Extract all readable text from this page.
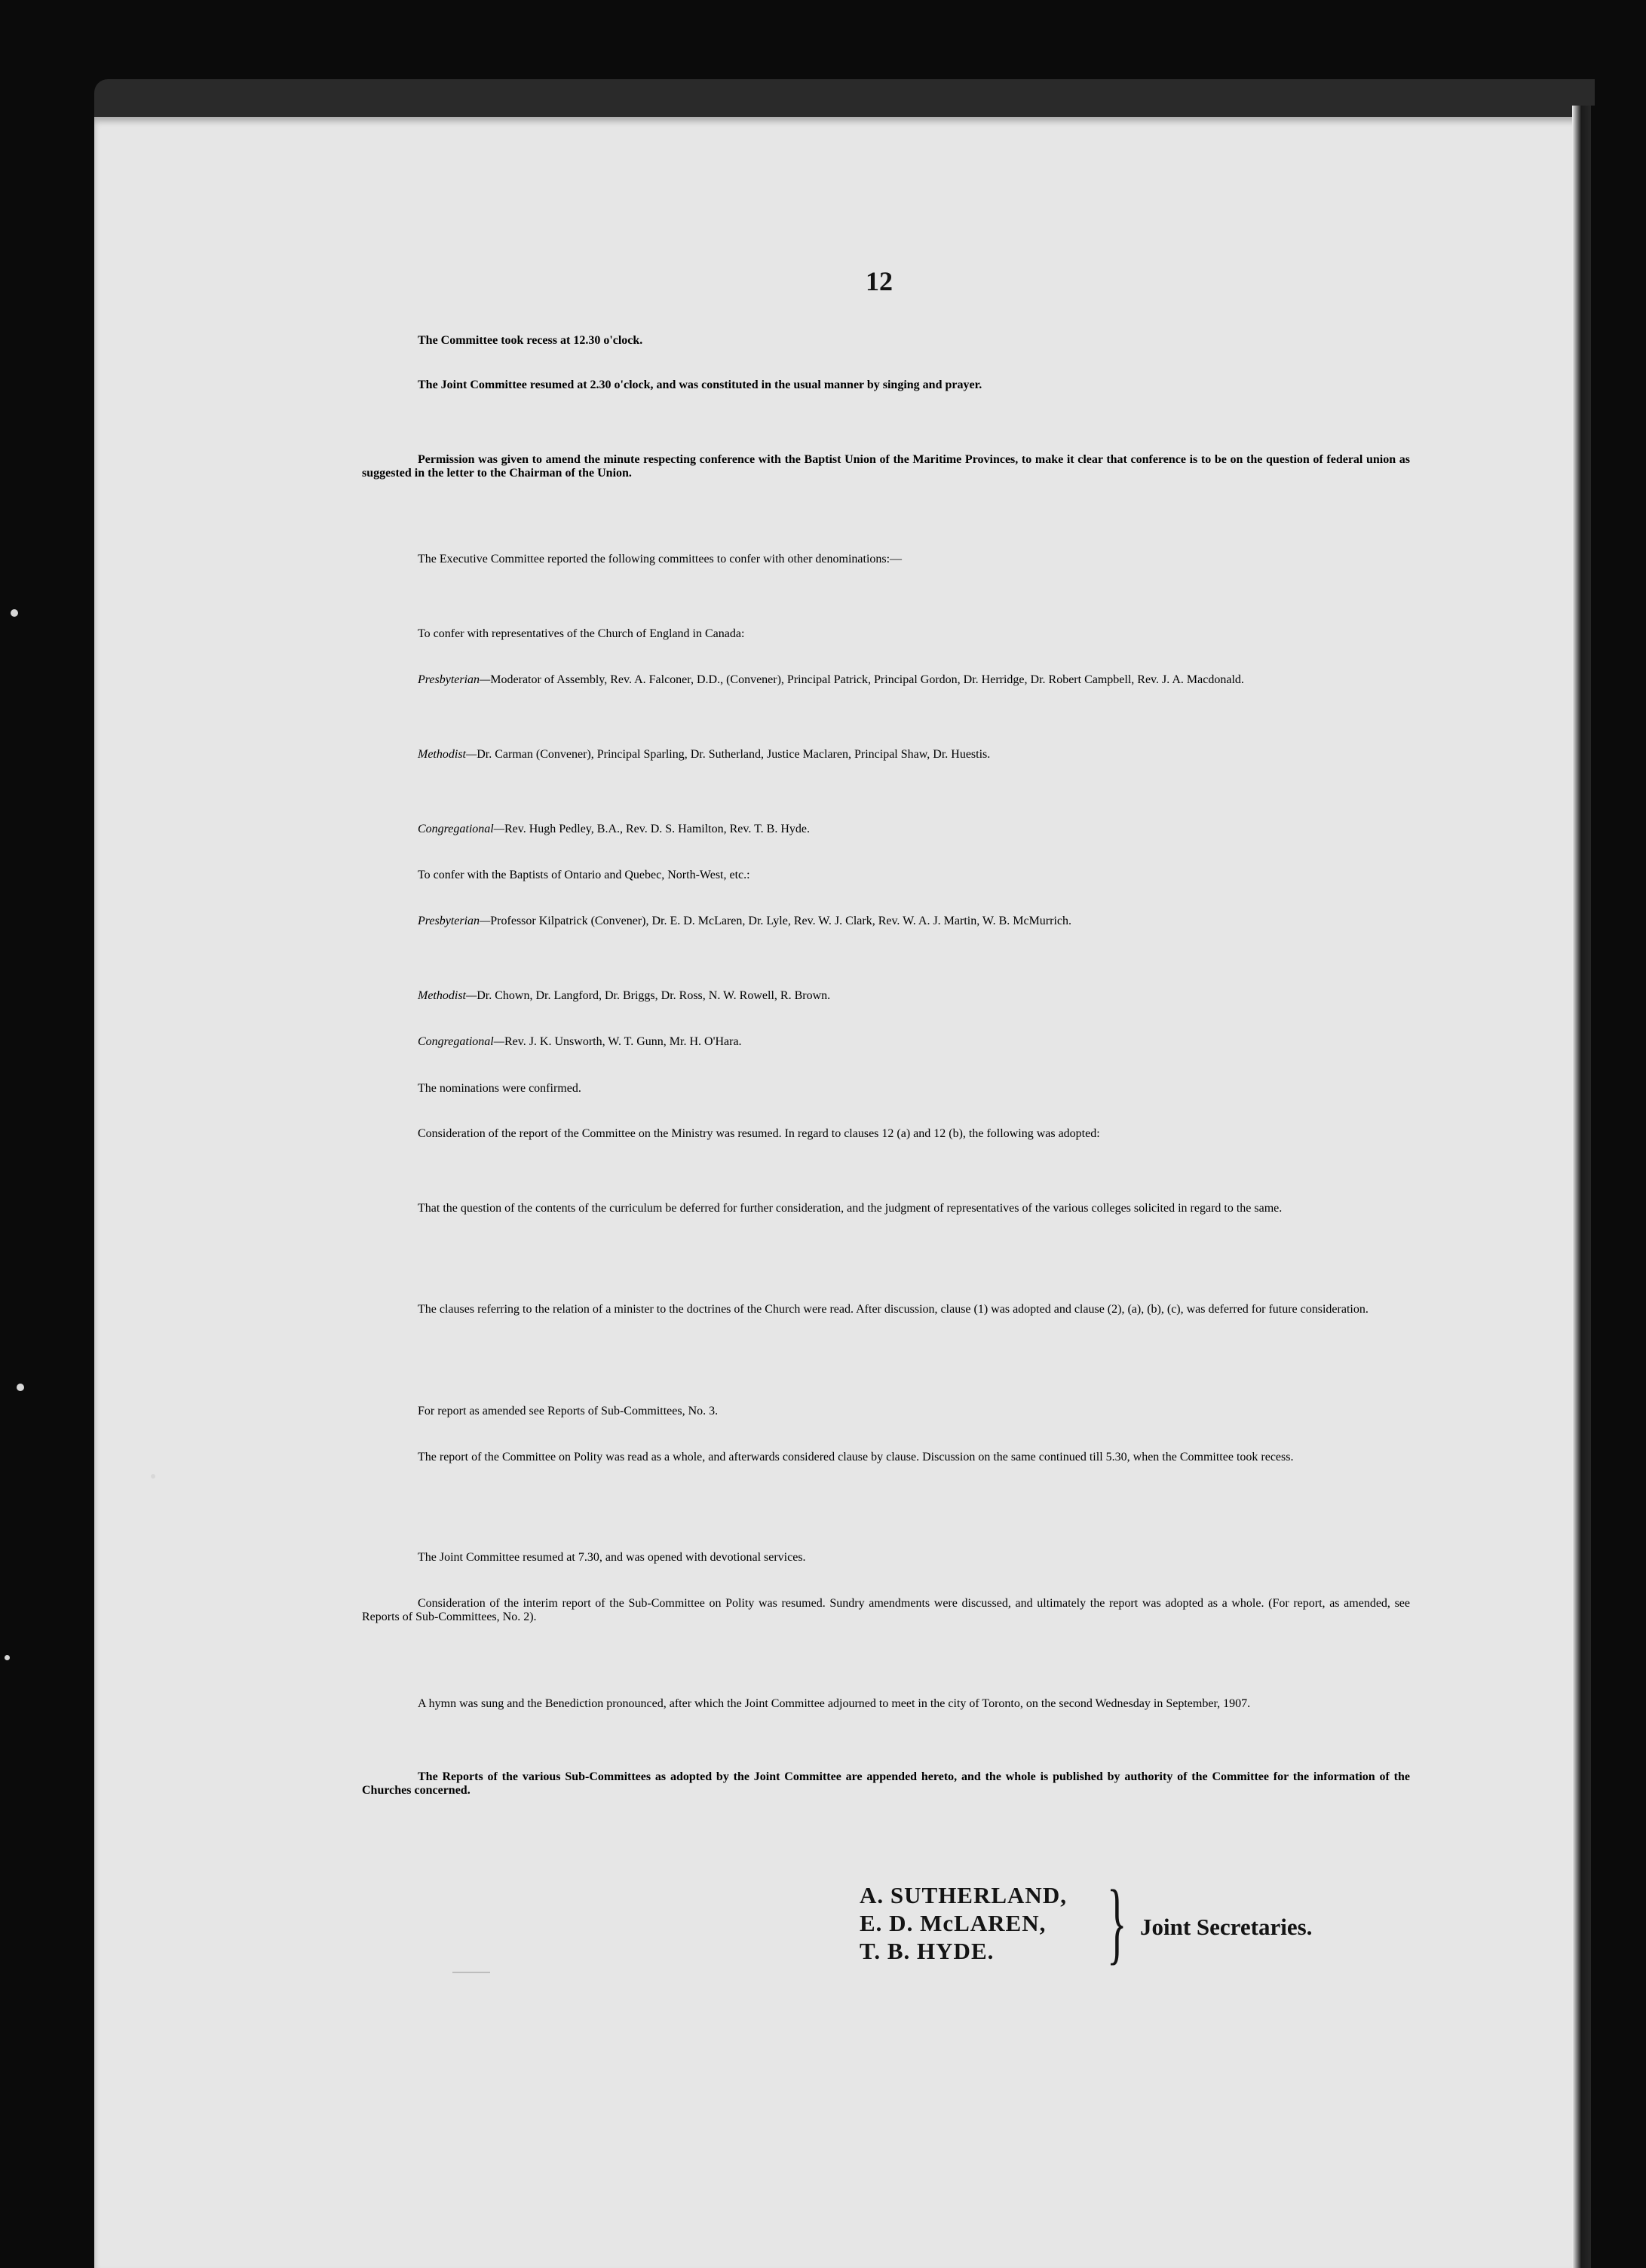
12

The Committee took recess at 12.30 o'clock.

The Joint Committee resumed at 2.30 o'clock, and was constituted in the usual manner by singing and prayer.

Permission was given to amend the minute respecting conference with the Baptist Union of the Maritime Provinces, to make it clear that conference is to be on the question of federal union as suggested in the letter to the Chairman of the Union.

The Executive Committee reported the following committees to confer with other denominations:—

To confer with representatives of the Church of England in Canada:

Presbyterian—Moderator of Assembly, Rev. A. Falconer, D.D., (Convener), Principal Patrick, Principal Gordon, Dr. Herridge, Dr. Robert Campbell, Rev. J. A. Macdonald.

Methodist—Dr. Carman (Convener), Principal Sparling, Dr. Sutherland, Justice Maclaren, Principal Shaw, Dr. Huestis.

Congregational—Rev. Hugh Pedley, B.A., Rev. D. S. Hamilton, Rev. T. B. Hyde.

To confer with the Baptists of Ontario and Quebec, North-West, etc.:

Presbyterian—Professor Kilpatrick (Convener), Dr. E. D. McLaren, Dr. Lyle, Rev. W. J. Clark, Rev. W. A. J. Martin, W. B. McMurrich.

Methodist—Dr. Chown, Dr. Langford, Dr. Briggs, Dr. Ross, N. W. Rowell, R. Brown.

Congregational—Rev. J. K. Unsworth, W. T. Gunn, Mr. H. O'Hara.

The nominations were confirmed.

Consideration of the report of the Committee on the Ministry was resumed. In regard to clauses 12 (a) and 12 (b), the following was adopted:

That the question of the contents of the curriculum be deferred for further consideration, and the judgment of representatives of the various colleges solicited in regard to the same.

The clauses referring to the relation of a minister to the doctrines of the Church were read. After discussion, clause (1) was adopted and clause (2), (a), (b), (c), was deferred for future consideration.

For report as amended see Reports of Sub-Committees, No. 3.

The report of the Committee on Polity was read as a whole, and afterwards considered clause by clause. Discussion on the same continued till 5.30, when the Committee took recess.

The Joint Committee resumed at 7.30, and was opened with devotional services.

Consideration of the interim report of the Sub-Committee on Polity was resumed. Sundry amendments were discussed, and ultimately the report was adopted as a whole. (For report, as amended, see Reports of Sub-Committees, No. 2).

A hymn was sung and the Benediction pronounced, after which the Joint Committee adjourned to meet in the city of Toronto, on the second Wednesday in September, 1907.

The Reports of the various Sub-Committees as adopted by the Joint Committee are appended hereto, and the whole is published by authority of the Committee for the information of the Churches concerned.

A. SUTHERLAND,
E. D. McLAREN,
T. B. HYDE.	} Joint Secretaries.
